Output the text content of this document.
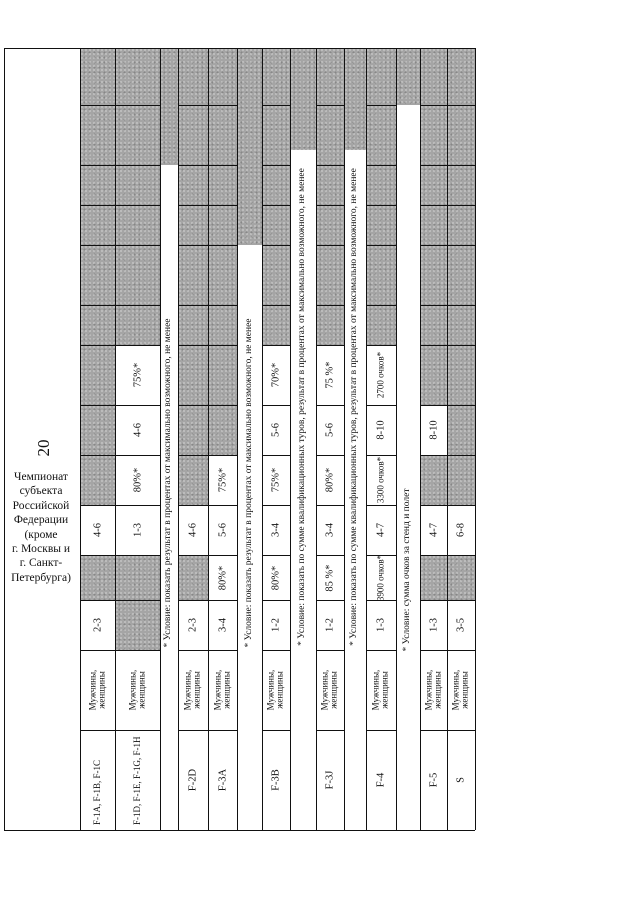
20
F-1A, F-1B, F-1C
Мужчины, женщины
2-3
4-6
F-1D, F-1E, F-1G, F-1H
Мужчины, женщины
1-3
80%*
4-6
75%* * Условие: показать результат в процентах от максимально возможного, не менее
F-2D
Мужчины, женщины
2-3
4-6
F-3A
Мужчины, женщины
3-4
80%*
5-6
75%* * Условие: показать результат в процентах от максимально возможного, не менее
F-3B
Мужчины, женщины
1-2
80%*
3-4
75%*
5-6
70%* * Условие: показать по сумме квалификационных туров, результат в процентах от максимально возможного, не менее
F-3J
Мужчины, женщины
1-2
85 %*
3-4
80%*
5-6
75 %* * Условие: показать по сумме квалификационных туров, результат в процентах от максимально возможного, не менее
F-4
Мужчины, женщины
1-3
3900 очков*
4-7
3300 очков*
8-10
2700 очков*
* Условие: сумма очков за стенд и полет
F-5
Мужчины, женщины
1-3
4-7
8-10
S
Мужчины, женщины
3-5
6-8
Чемпионат
субъекта
Российской
Федерации
(кроме
г. Москвы и
г. Санкт-
Петербурга)
